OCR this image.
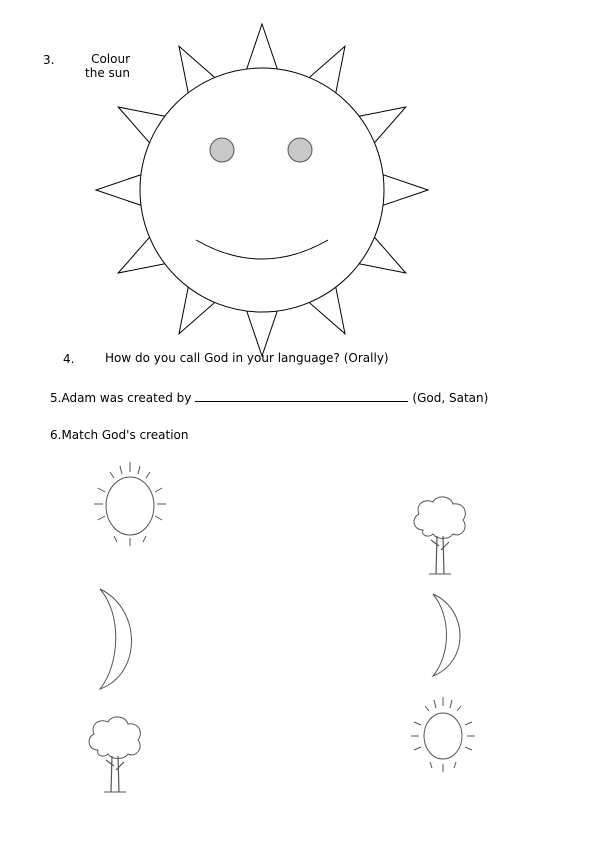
3.	Colour
the sun
4.	How do you call God in your language? (Orally)
5.Adam was created by	(God, Satan)
6.Match God's creation
